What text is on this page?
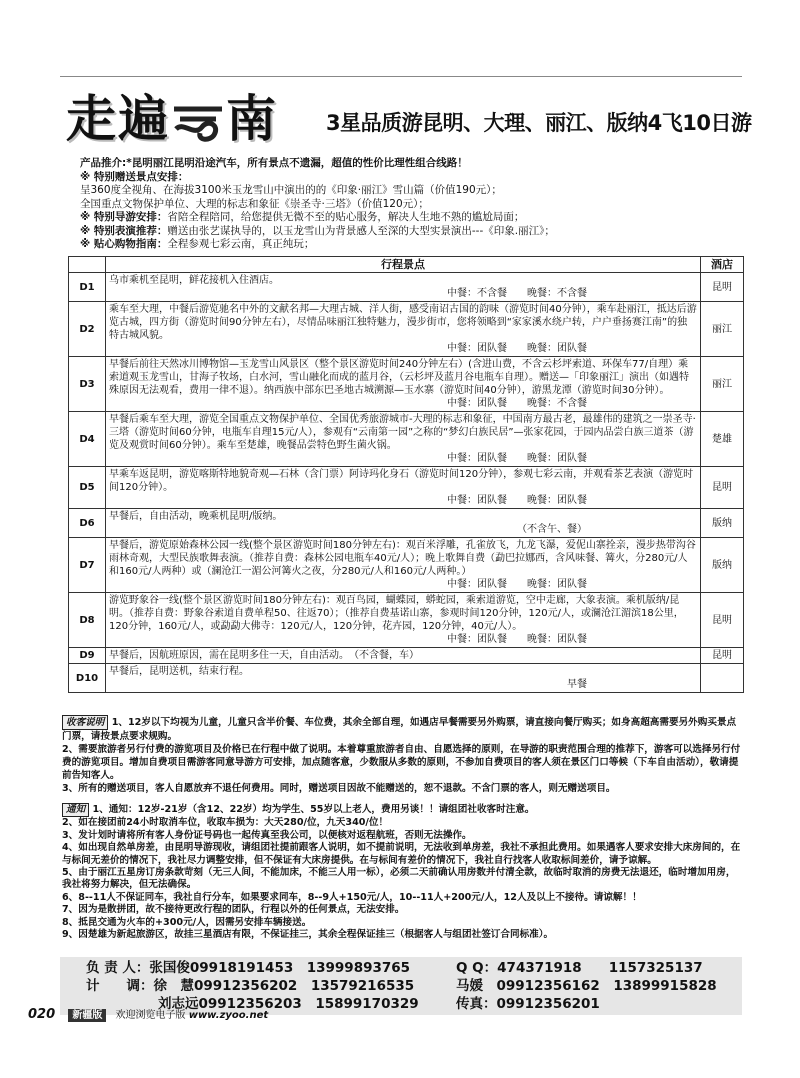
走遍 南 3星品质游昆明、大理、丽江、版纳4飞10日游
产品推介:*昆明丽江昆明沿途汽车，所有景点不遗漏，超值的性价比理性组合线路！
※ 特别赠送景点安排：
呈360度全视角、在海拔3100米玉龙雪山中演出的的《印象·丽江》雪山篇（价值190元）；
全国重点文物保护单位、大理的标志和象征《崇圣寺·三塔》（价值120元）；
※ 特别导游安排：省陪全程陪同，给您提供无微不至的贴心服务，解决人生地不熟的尴尬局面；
※ 特别表演推荐：赠送由张艺谋执导的，以玉龙雪山为背景感人至深的大型实景演出---《印象.丽江》；
※ 贴心购物指南：全程参观七彩云南，真正纯玩；
	行程景点	酒店
D1	乌市乘机至昆明，鲜花接机入住酒店。
中餐：不含餐　　晚餐：不含餐	昆明
D2	乘车至大理，中餐后游览驰名中外的文献名邦—大理古城、洋人街，感受南诏古国的韵味（游览时间40分钟），乘车赴丽江，抵达后游览古城，四方街（游览时间90分钟左右），尽情品味丽江独特魅力，漫步街市，您将领略到“家家溪水绕户转，户户垂扬赛江南”的独特古城风貌。
中餐：团队餐　　晚餐：团队餐	丽江
D3	早餐后前往天然冰川博物馆—玉龙雪山风景区（整个景区游览时间240分钟左右）(含进山费，不含云杉坪索道、环保车77/自理）乘索道观玉龙雪山，甘海子牧场，白水河，雪山融化而成的蓝月谷，（云杉坪及蓝月谷电瓶车自理）。赠送—「印象丽江」演出（如遇特殊原因无法观看，费用一律不退）。纳西族中部东巴圣地古城溯源—玉水寨（游览时间40分钟），游黑龙潭（游览时间30分钟）。
中餐：团队餐　　晚餐：不含餐	丽江
D4	早餐后乘车至大理，游览全国重点文物保护单位、全国优秀旅游城市-大理的标志和象征，中国南方最古老，最雄伟的建筑之一崇圣寺·三塔（游览时间60分钟，电瓶车自理15元/人），参观有“云南第一园”之称的“梦幻白族民居”—张家花园，于园内品尝白族三道茶（游览及观赏时间60分钟）。乘车至楚雄，晚餐品尝特色野生菌火锅。
中餐：团队餐　　晚餐：团队餐	楚雄
D5	早乘车返昆明，游览喀斯特地貌奇观—石林（含门票）阿诗玛化身石（游览时间120分钟），参观七彩云南，并观看茶艺表演（游览时间120分钟）。
中餐：团队餐　　晚餐：团队餐	昆明
D6	早餐后，自由活动，晚乘机昆明/版纳。
（不含午、餐）	版纳
D7	早餐后，游览原始森林公园一线(整个景区游览时间180分钟左右)：观百米浮雕，孔雀放飞，九龙飞瀑，爱伲山寨拴亲，漫步热带沟谷雨林奇观，大型民族歌舞表演。（推荐自费：森林公园电瓶车40元/人）；晚上歌舞自费（勐巴拉娜西，含风味餐、篝火，分280元/人和160元/人两种）或（澜沧江一湄公河篝火之夜，分280元/人和160元/人两种。）
中餐：团队餐　　晚餐：团队餐	版纳
D8	游览野象谷一线(整个景区游览时间180分钟左右)：观百鸟园，蝴蝶园，蟒蛇园，乘索道游览，空中走廊，大象表演。乘机版纳/昆明。（推荐自费：野象谷索道自费单程50、往返70）；（推荐自费基诺山寨，参观时间120分钟，120元/人，或澜沧江湄滨18公里，120分钟，160元/人，或勐勐大佛寺：120元/人，120分钟，花卉园，120分钟，40元/人）。
中餐：团队餐　　晚餐：团队餐	昆明
D9	早餐后，因航班原因，需在昆明多住一天，自由活动。　（不含餐，车）	昆明
D10	早餐后，昆明送机，结束行程。
早餐	

收客说明 1、12岁以下均视为儿童，儿童只含半价餐、车位费，其余全部自理，如遇店早餐需要另外购票，请直接向餐厅购买；如身高超高需要另外购买景点门票，请按景点要求规购。

2、需要旅游者另行付费的游览项目及价格已在行程中做了说明。本着尊重旅游者自由、自愿选择的原则，在导游的职责范围合理的推荐下，游客可以选择另行付费的游览项目。增加自费项目需游客同意导游方可安排，加点随客意，少数服从多数的原则，不参加自费项目的客人须在景区门口等候（下车自由活动），敬请提前告知客人。

3、所有的赠送项目，客人自愿放弃不退任何费用。同时，赠送项目因故不能赠送的，恕不退款。不含门票的客人，则无赠送项目。

通知 1、通知：12岁-21岁（含12、22岁）均为学生、55岁以上老人，费用另谈！！请组团社收客时注意。

2、如在接团前24小时取消车位，收取车损为：大天280/位，九天340/位！

3、发计划时请将所有客人身份证号码也一起传真至我公司，以便核对返程航班，否则无法操作。

4、如出现自然单房差，由昆明导游现收，请组团社提前跟客人说明，如不提前说明，无法收到单房差，我社不承担此费用。如果遇客人要求安排大床房间的，在与标间无差价的情况下，我社尽力调整安排，但不保证有大床房提供。在与标间有差价的情况下，我社自行找客人收取标间差价，请予谅解。

5、由于丽江五星房订房条款苛刻（无三人间，不能加床，不能三人用一标），必须二天前确认用房数并付清全款，故临时取消的房费无法退还，临时增加用房，我社将努力解决，但无法确保。

6、8--11人不保证同车，我社自行分车，如果要求同车，8--9人+150元/人，10--11人+200元/人，12人及以上不接待。请谅解！！

7、因为是散拼团，故不接待更改行程的团队，行程以外的任何景点，无法安排。

8、抵昆交通为火车的+300元/人，因需另安排车辆接送。

9、因楚雄为新起旅游区，故挂三星酒店有限，不保证挂三，其余全程保证挂三（根据客人与组团社签订合同标准）。

负 责 人：张国俊09918191453　13999893765	Q Q：474371918　　1157325137
计　　调：徐　慧09912356202　13579216535	马媛　09912356162　13899915828
刘志远09912356203　15899170329	传真：09912356201
020 新疆版 欢迎浏览电子版 www.zyoo.net
